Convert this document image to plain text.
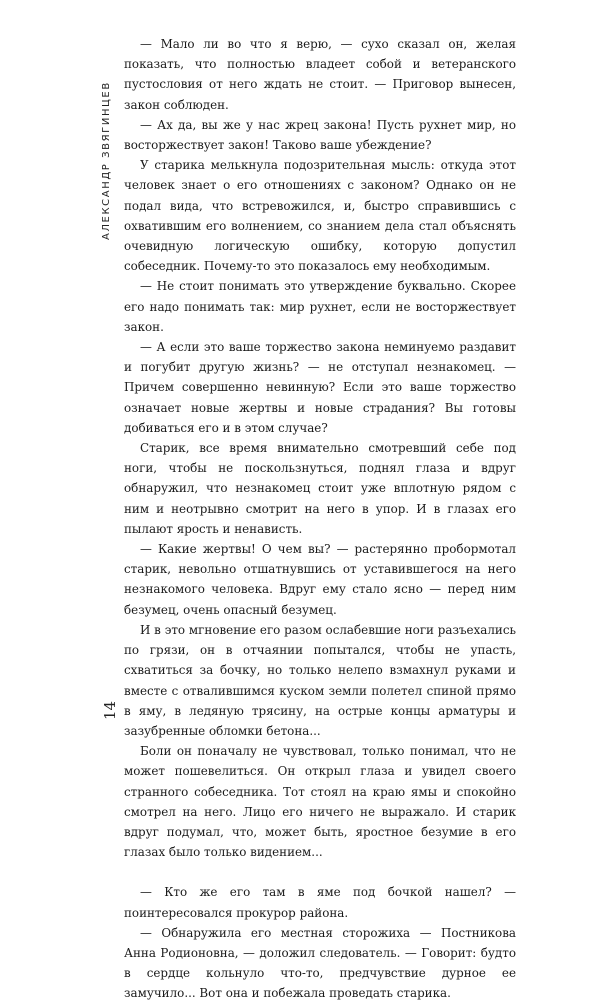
АЛЕКСАНДР ЗВЯГИНЦЕВ
14

— Мало ли во что я верю, — сухо сказал он, желая показать, что полностью владеет собой и ветеранского пустословия от него ждать не стоит. — Приговор вынесен, закон соблюден.

— Ах да, вы же у нас жрец закона! Пусть рухнет мир, но восторжествует закон! Таково ваше убеждение?

У старика мелькнула подозрительная мысль: откуда этот человек знает о его отношениях с законом? Однако он не подал вида, что встревожился, и, быстро справившись с охватившим его волнением, со знанием дела стал объяснять очевидную логическую ошибку, которую допустил собеседник. Почему-то это показалось ему необходимым.

— Не стоит понимать это утверждение буквально. Скорее его надо понимать так: мир рухнет, если не восторжествует закон.

— А если это ваше торжество закона неминуемо раздавит и погубит другую жизнь? — не отступал незнакомец. — Причем совершенно невинную? Если это ваше торжество означает новые жертвы и новые страдания? Вы готовы добиваться его и в этом случае?

Старик, все время внимательно смотревший себе под ноги, чтобы не поскользнуться, поднял глаза и вдруг обнаружил, что незнакомец стоит уже вплотную рядом с ним и неотрывно смотрит на него в упор. И в глазах его пылают ярость и ненависть.

— Какие жертвы! О чем вы? — растерянно пробормотал старик, невольно отшатнувшись от уставившегося на него незнакомого человека. Вдруг ему стало ясно — перед ним безумец, очень опасный безумец.

И в это мгновение его разом ослабевшие ноги разъехались по грязи, он в отчаянии попытался, чтобы не упасть, схватиться за бочку, но только нелепо взмахнул руками и вместе с отвалившимся куском земли полетел спиной прямо в яму, в ледяную трясину, на острые концы арматуры и зазубренные обломки бетона...

Боли он поначалу не чувствовал, только понимал, что не может пошевелиться. Он открыл глаза и увидел своего странного собеседника. Тот стоял на краю ямы и спокойно смотрел на него. Лицо его ничего не выражало. И старик вдруг подумал, что, может быть, яростное безумие в его глазах было только видением...

— Кто же его там в яме под бочкой нашел? — поинтересовался прокурор района.

— Обнаружила его местная сторожиха — Постникова Анна Родионовна, — доложил следователь. — Говорит: будто в сердце кольнуло что-то, предчувствие дурное ее замучило... Вот она и побежала проведать старика.
